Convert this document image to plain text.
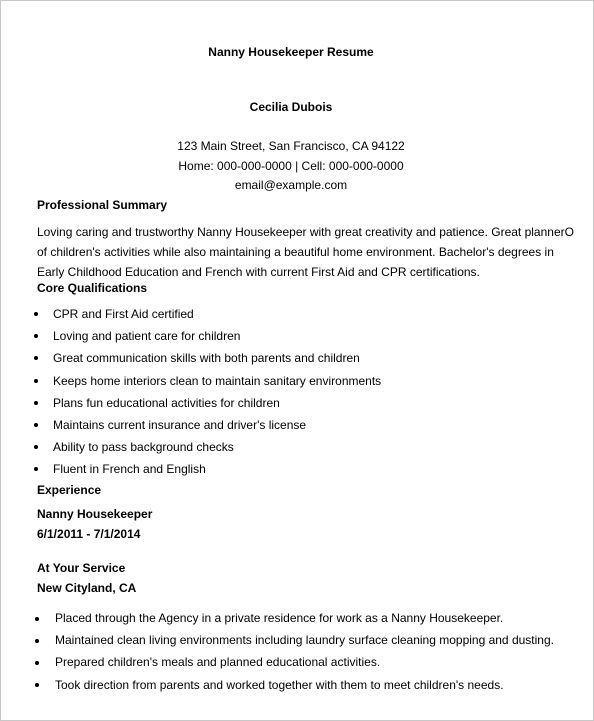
Nanny Housekeeper Resume
Cecilia Dubois
123 Main Street, San Francisco, CA 94122
Home: 000-000-0000 | Cell: 000-000-0000
email@example.com
Professional Summary
Loving caring and trustworthy Nanny Housekeeper with great creativity and patience. Great plannerO
of children's activities while also maintaining a beautiful home environment. Bachelor's degrees in
Early Childhood Education and French with current First Aid and CPR certifications.
Core Qualifications
CPR and First Aid certified
Loving and patient care for children
Great communication skills with both parents and children
Keeps home interiors clean to maintain sanitary environments
Plans fun educational activities for children
Maintains current insurance and driver's license
Ability to pass background checks
Fluent in French and English
Experience
Nanny Housekeeper
6/1/2011 - 7/1/2014
At Your Service
New Cityland, CA
Placed through the Agency in a private residence for work as a Nanny Housekeeper.
Maintained clean living environments including laundry surface cleaning mopping and dusting.
Prepared children's meals and planned educational activities.
Took direction from parents and worked together with them to meet children's needs.
